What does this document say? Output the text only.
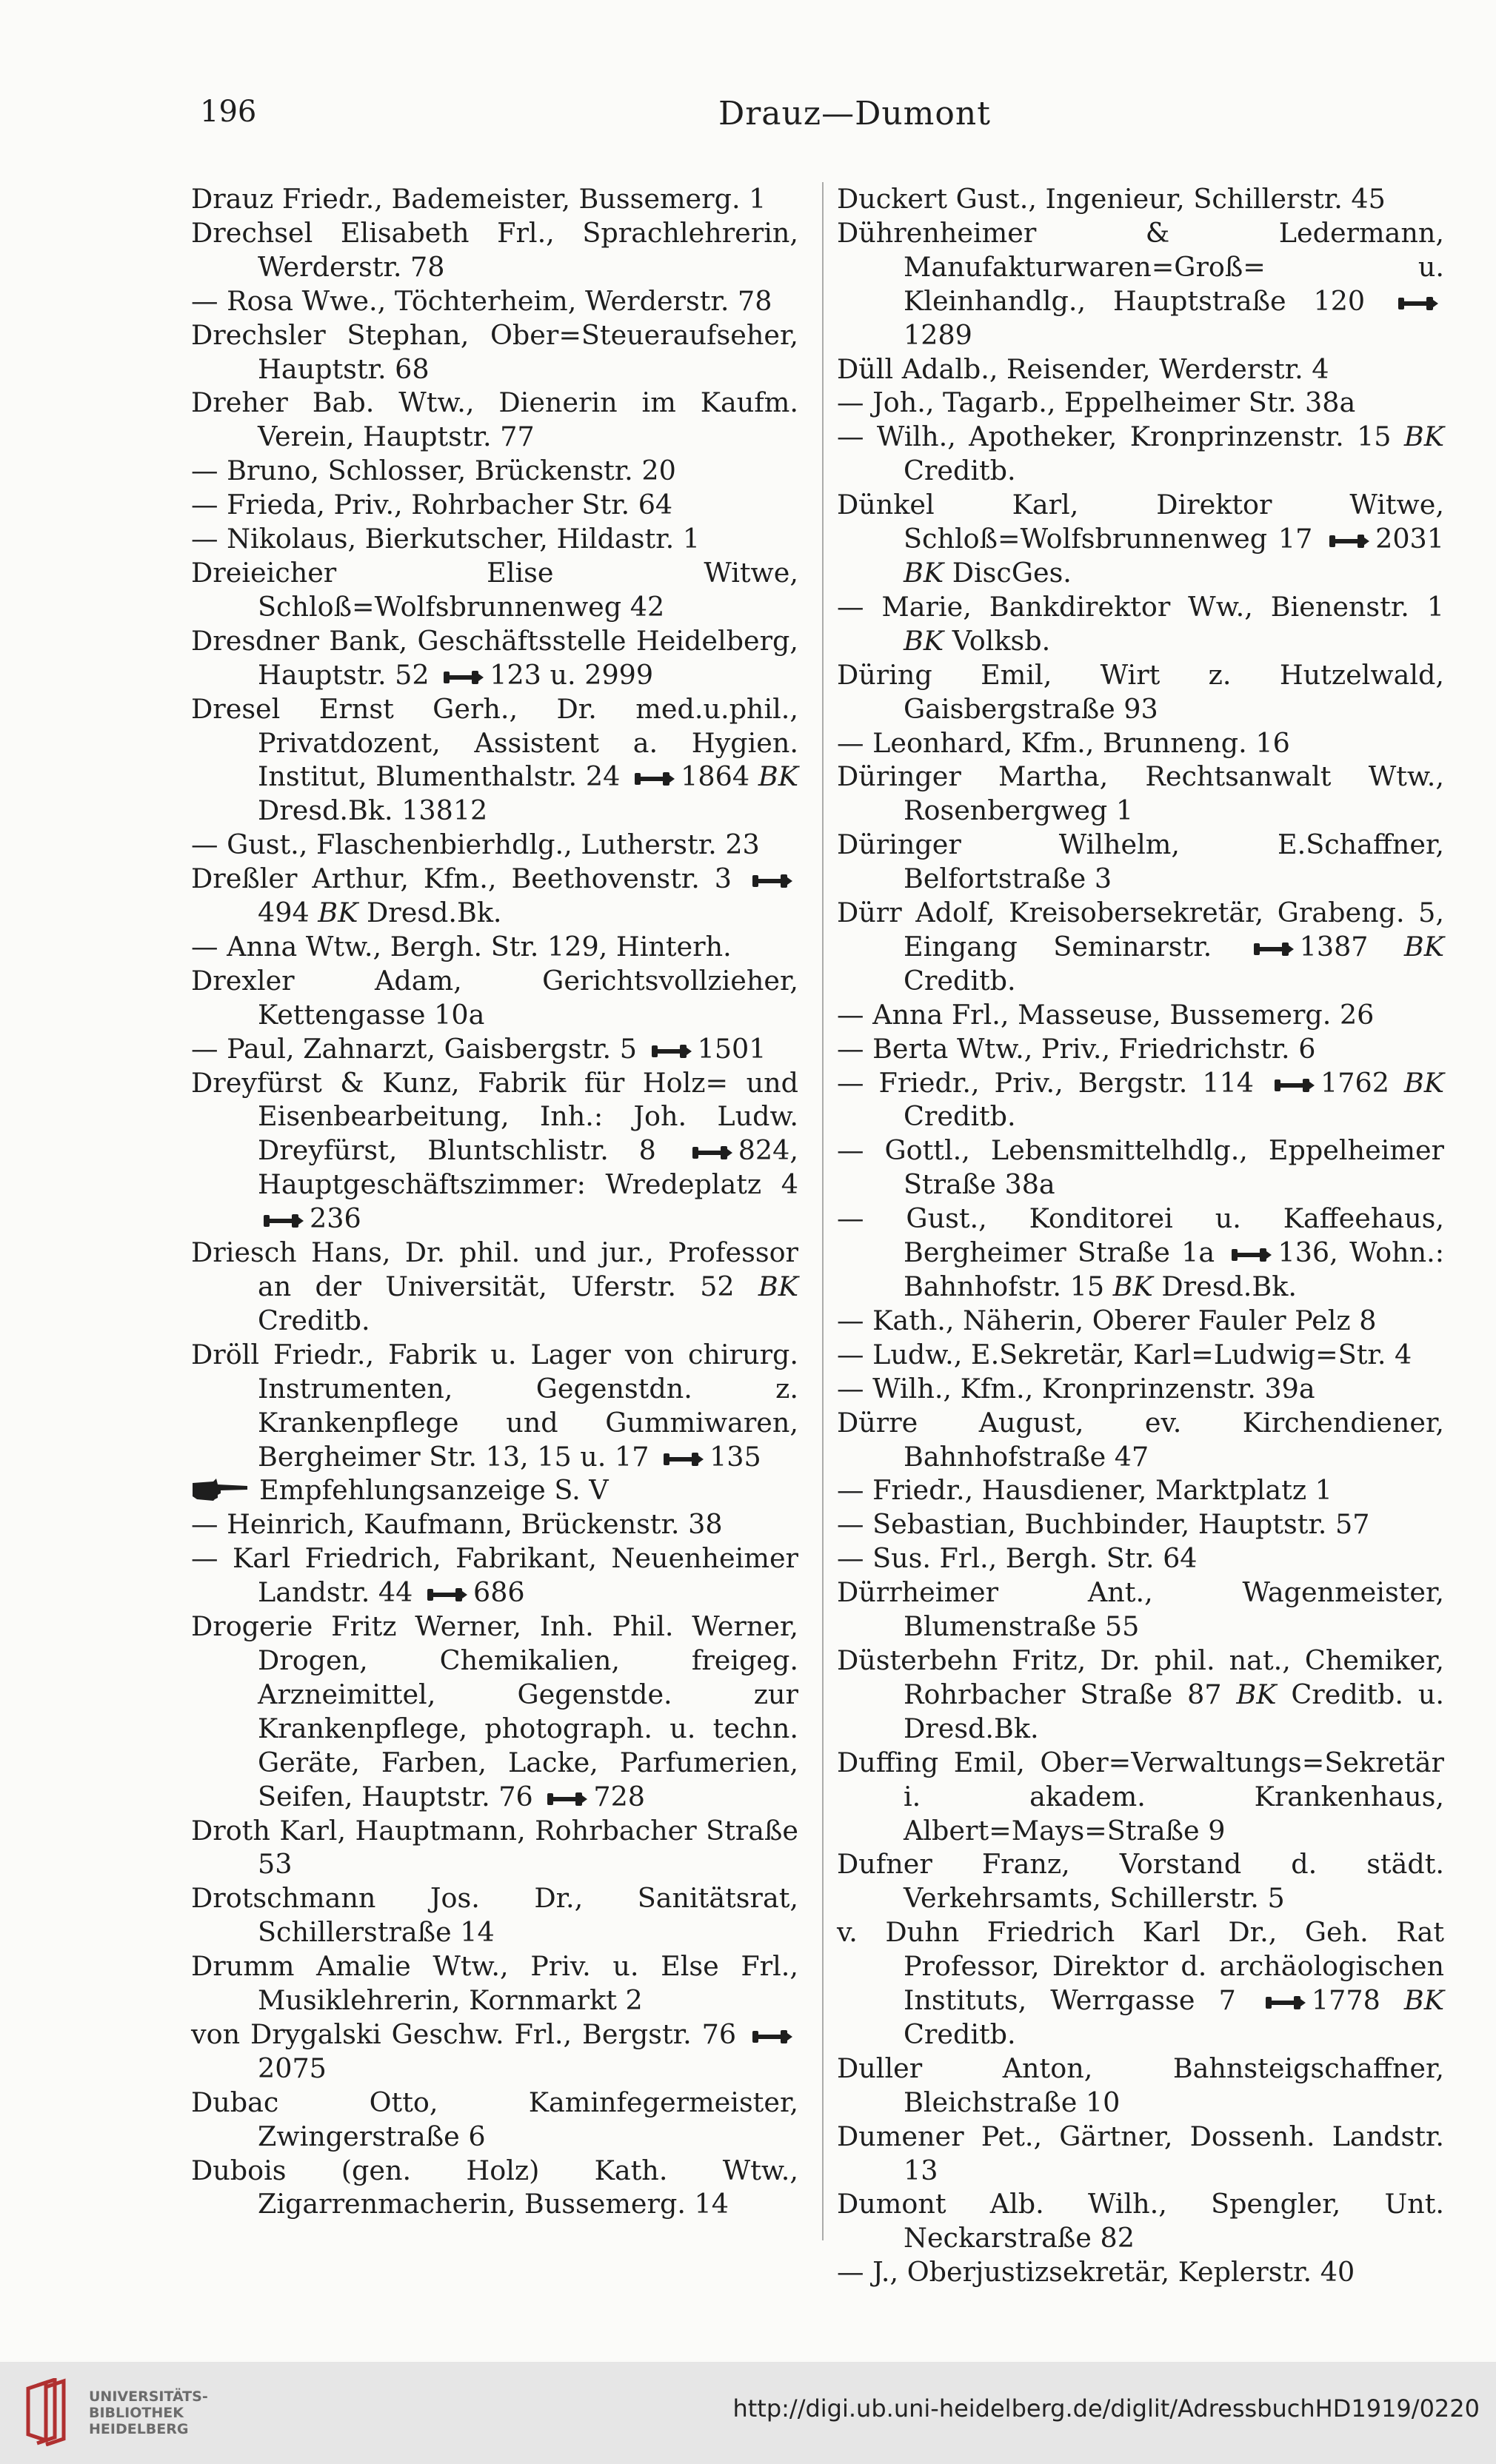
196	Drauz—Dumont

Drauz Friedr., Bademeister, Bussemerg. 1

Drechsel Elisabeth Frl., Sprachlehrerin, Werderstr. 78

— Rosa Wwe., Töchterheim, Werderstr. 78

Drechsler Stephan, Ober=Steueraufseher, Hauptstr. 68

Dreher Bab. Wtw., Dienerin im Kaufm. Verein, Hauptstr. 77

— Bruno, Schlosser, Brückenstr. 20

— Frieda, Priv., Rohrbacher Str. 64

— Nikolaus, Bierkutscher, Hildastr. 1

Dreieicher Elise Witwe, Schloß=Wolfsbrunnenweg 42

Dresdner Bank, Geschäftsstelle Heidelberg, Hauptstr. 52 123 u. 2999

Dresel Ernst Gerh., Dr. med.u.phil., Privatdozent, Assistent a. Hygien. Institut, Blumenthalstr. 24 1864 BK Dresd.Bk. 13812

— Gust., Flaschenbierhdlg., Lutherstr. 23

Dreßler Arthur, Kfm., Beethovenstr. 3 494 BK Dresd.Bk.

— Anna Wtw., Bergh. Str. 129, Hinterh.

Drexler Adam, Gerichtsvollzieher, Kettengasse 10a

— Paul, Zahnarzt, Gaisbergstr. 5 1501

Dreyfürst & Kunz, Fabrik für Holz= und Eisenbearbeitung, Inh.: Joh. Ludw. Dreyfürst, Bluntschlistr. 8	824, Hauptgeschäftszimmer: Wredeplatz 4 236

Driesch Hans, Dr. phil. und jur., Professor an der Universität, Uferstr. 52 BK Creditb.

Dröll Friedr., Fabrik u. Lager von chirurg. Instrumenten, Gegenstdn. z. Krankenpflege und Gummiwaren, Bergheimer Str. 13, 15 u. 17 135

Empfehlungsanzeige S. V

— Heinrich, Kaufmann, Brückenstr. 38

— Karl Friedrich, Fabrikant, Neuenheimer Landstr. 44 686

Drogerie Fritz Werner, Inh. Phil. Werner, Drogen, Chemikalien, freigeg. Arzneimittel, Gegenstde. zur Krankenpflege, photograph. u. techn. Geräte, Farben, Lacke, Parfumerien, Seifen, Hauptstr. 76 728

Droth Karl, Hauptmann, Rohrbacher Straße 53

Drotschmann Jos. Dr., Sanitätsrat, Schillerstraße 14

Drumm Amalie Wtw., Priv. u. Else Frl., Musiklehrerin, Kornmarkt 2

von Drygalski Geschw. Frl., Bergstr. 76 2075

Dubac Otto, Kaminfegermeister, Zwingerstraße 6

Dubois (gen. Holz) Kath. Wtw., Zigarrenmacherin, Bussemerg. 14

Duckert Gust., Ingenieur, Schillerstr. 45

Dührenheimer & Ledermann, Manufakturwaren=Groß= u. Kleinhandlg., Hauptstraße 120 1289

Düll Adalb., Reisender, Werderstr. 4

— Joh., Tagarb., Eppelheimer Str. 38a

— Wilh., Apotheker, Kronprinzenstr. 15 BK Creditb.

Dünkel Karl, Direktor Witwe, Schloß=Wolfsbrunnenweg 17 2031 BK DiscGes.

— Marie, Bankdirektor Ww., Bienenstr. 1 BK Volksb.

Düring Emil, Wirt z. Hutzelwald, Gaisbergstraße 93

— Leonhard, Kfm., Brunneng. 16

Düringer Martha, Rechtsanwalt Wtw., Rosenbergweg 1

Düringer Wilhelm, E.Schaffner, Belfortstraße 3

Dürr Adolf, Kreisobersekretär, Grabeng. 5, Eingang Seminarstr.	1387 BK Creditb.

— Anna Frl., Masseuse, Bussemerg. 26

— Berta Wtw., Priv., Friedrichstr. 6

— Friedr., Priv., Bergstr. 114 1762 BK Creditb.

— Gottl., Lebensmittelhdlg., Eppelheimer Straße 38a

— Gust., Konditorei u. Kaffeehaus, Bergheimer Straße 1a 136, Wohn.: Bahnhofstr. 15 BK Dresd.Bk.

— Kath., Näherin, Oberer Fauler Pelz 8

— Ludw., E.Sekretär, Karl=Ludwig=Str. 4

— Wilh., Kfm., Kronprinzenstr. 39a

Dürre August, ev. Kirchendiener, Bahnhofstraße 47

— Friedr., Hausdiener, Marktplatz 1

— Sebastian, Buchbinder, Hauptstr. 57

— Sus. Frl., Bergh. Str. 64

Dürrheimer Ant., Wagenmeister, Blumenstraße 55

Düsterbehn Fritz, Dr. phil. nat., Chemiker, Rohrbacher Straße 87 BK Creditb. u. Dresd.Bk.

Duffing Emil, Ober=Verwaltungs=Sekretär i. akadem. Krankenhaus, Albert=Mays=Straße 9

Dufner Franz, Vorstand d. städt. Verkehrsamts, Schillerstr. 5

v. Duhn Friedrich Karl Dr., Geh. Rat Professor, Direktor d. archäologischen Instituts, Werrgasse 7	1778 BK Creditb.

Duller Anton, Bahnsteigschaffner, Bleichstraße 10

Dumener Pet., Gärtner, Dossenh. Landstr. 13

Dumont Alb. Wilh., Spengler, Unt. Neckarstraße 82

— J., Oberjustizsekretär, Keplerstr. 40

UNIVERSITÄTS-
BIBLIOTHEK
HEIDELBERG
http://digi.ub.uni-heidelberg.de/diglit/AdressbuchHD1919/0220
